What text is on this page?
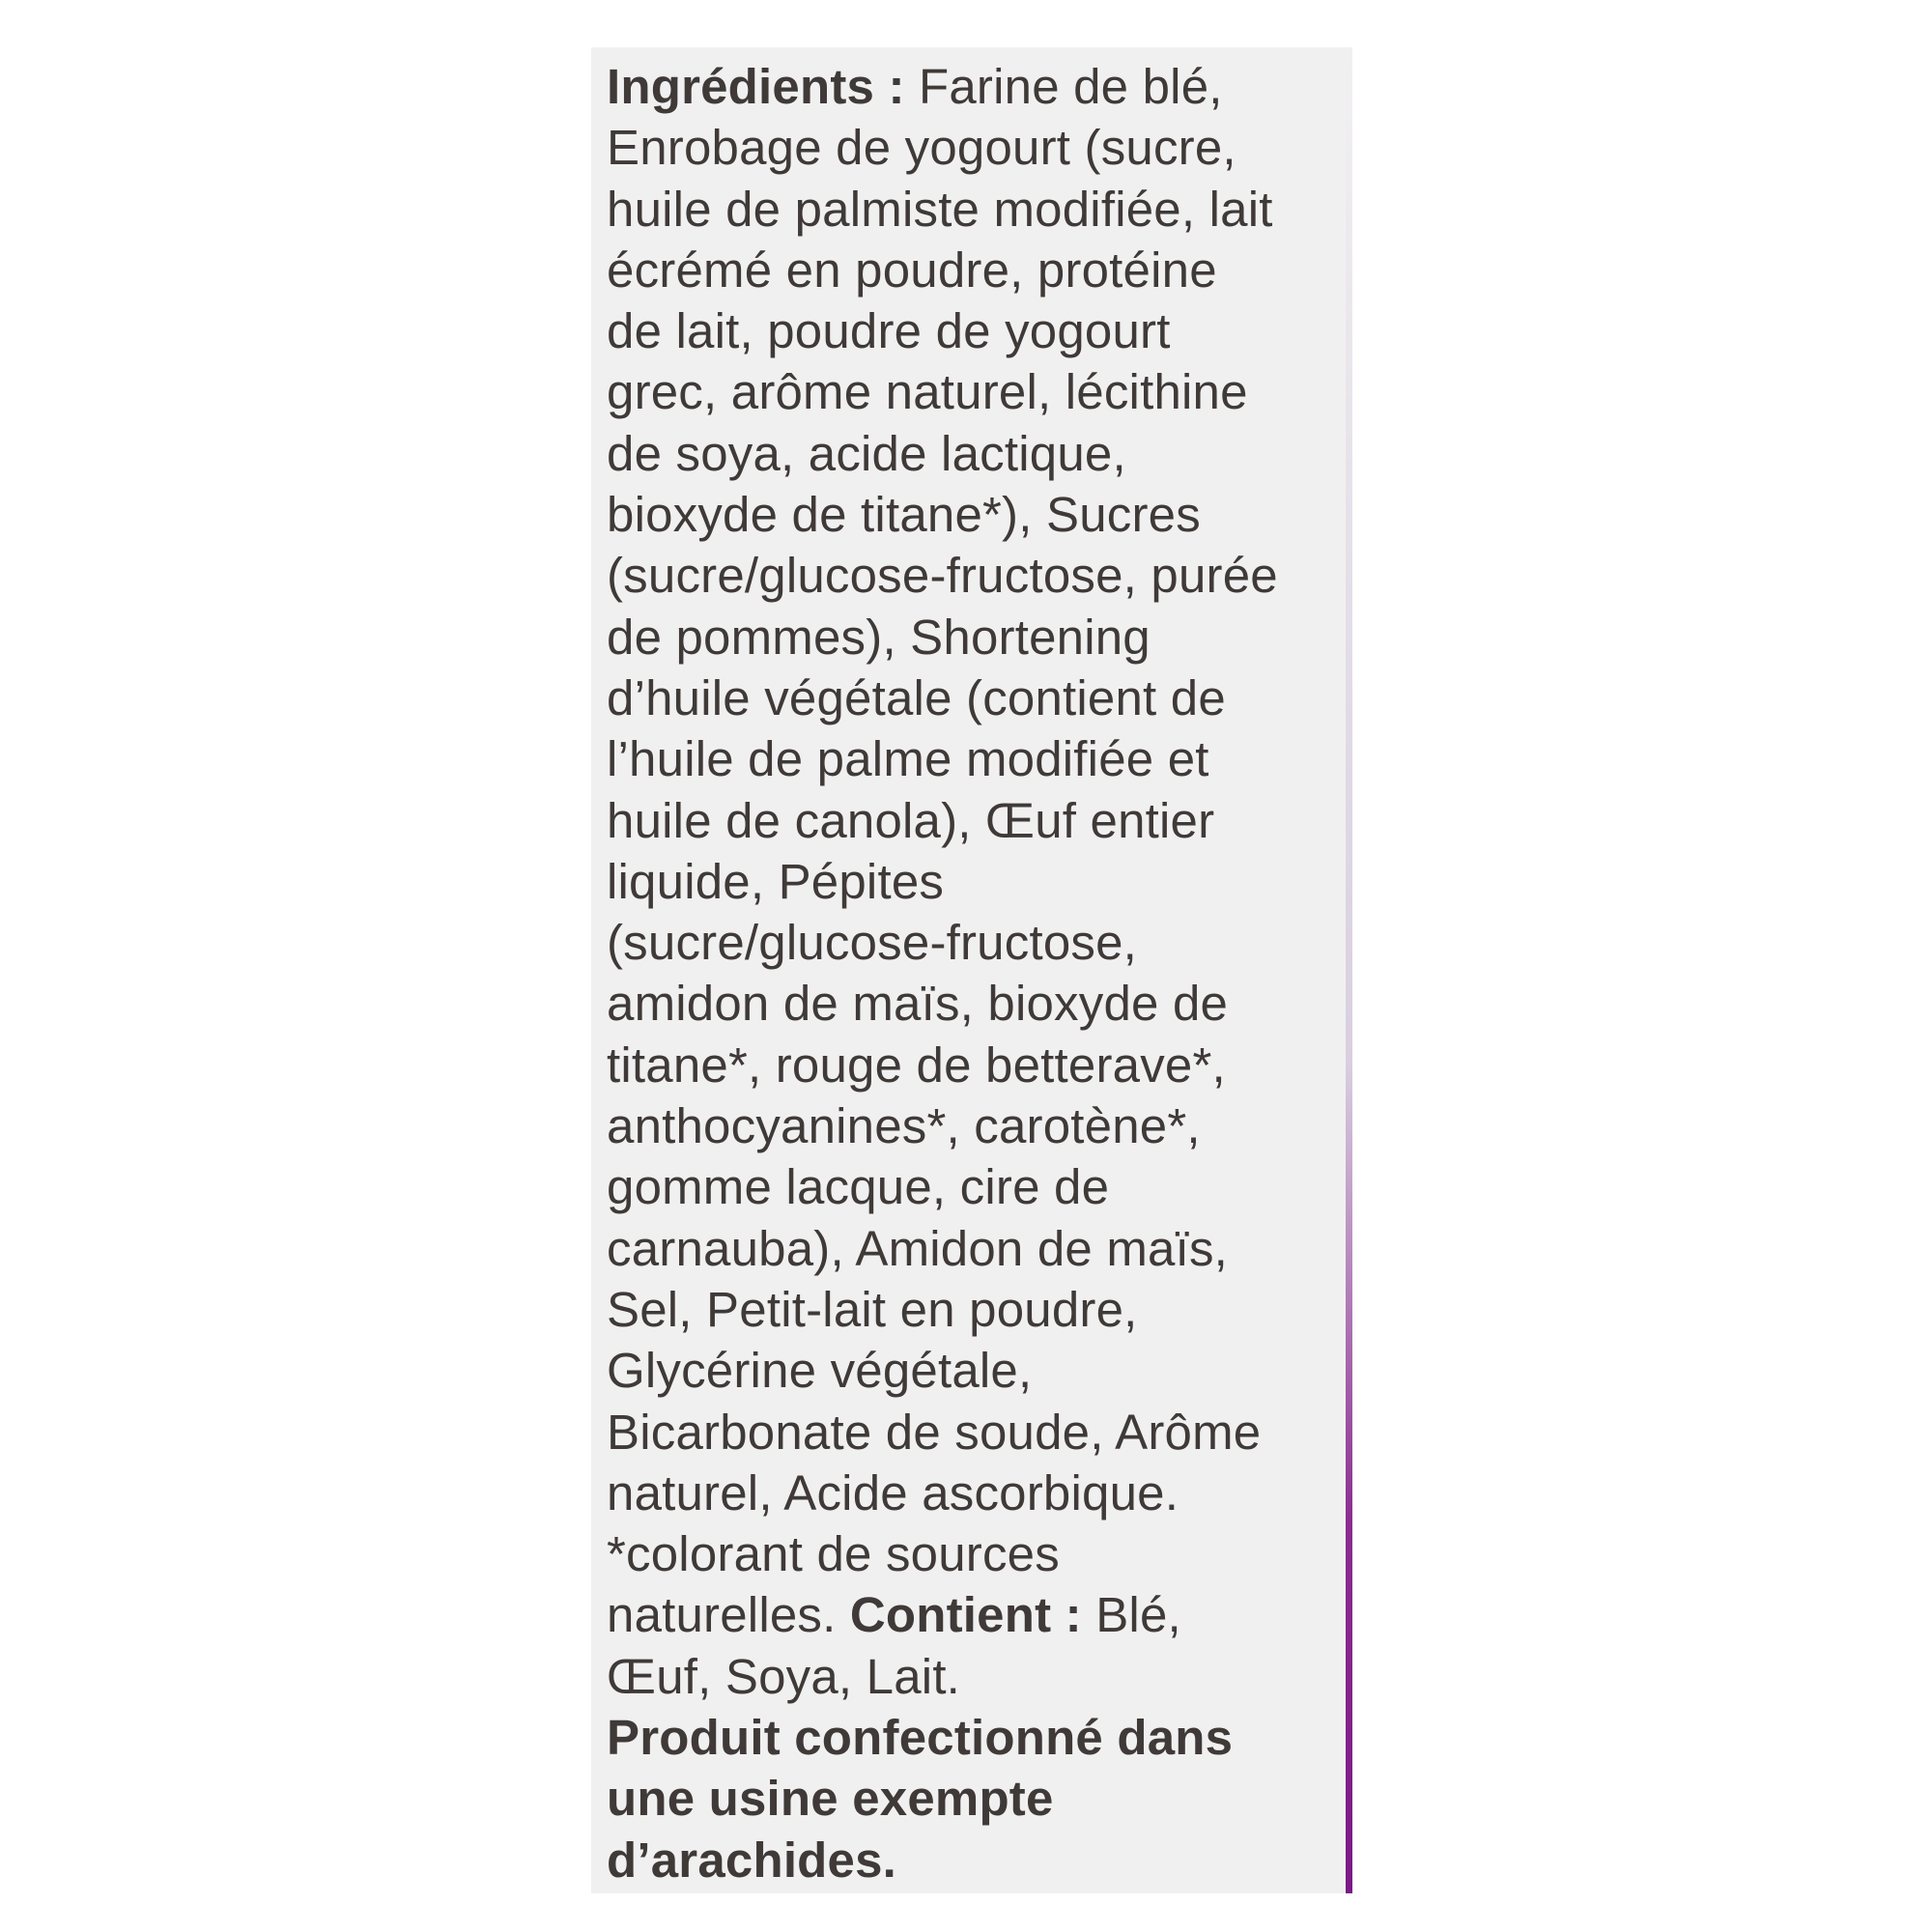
Ingrédients : Farine de blé,
Enrobage de yogourt (sucre,
huile de palmiste modifiée, lait
écrémé en poudre, protéine
de lait, poudre de yogourt
grec, arôme naturel, lécithine
de soya, acide lactique,
bioxyde de titane*), Sucres
(sucre/glucose-fructose, purée
de pommes), Shortening
d’huile végétale (contient de
l’huile de palme modifiée et
huile de canola), Œuf entier
liquide, Pépites
(sucre/glucose-fructose,
amidon de maïs, bioxyde de
titane*, rouge de betterave*,
anthocyanines*, carotène*,
gomme lacque, cire de
carnauba), Amidon de maïs,
Sel, Petit-lait en poudre,
Glycérine végétale,
Bicarbonate de soude, Arôme
naturel, Acide ascorbique.
*colorant de sources
naturelles. Contient : Blé,
Œuf, Soya, Lait.
Produit confectionné dans
une usine exempte
d’arachides.
